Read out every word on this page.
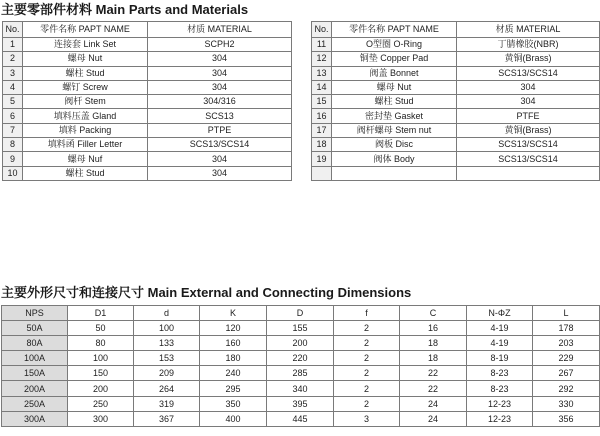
主要零部件材料 Main Parts and Materials
No.	零件名称 PAPT NAME	材质 MATERIAL
1	连接套 Link Set	SCPH2
2	螺母 Nut	304
3	螺柱 Stud	304
4	螺钉 Screw	304
5	阀杆 Stem	304/316
6	填料压盖 Gland	SCS13
7	填料 Packing	PTPE
8	填料函 Filler Letter	SCS13/SCS14
9	螺母 Nuf	304
10	螺柱 Stud	304
No.	零件名称 PAPT NAME	材质 MATERIAL
11	O型圈 O-Ring	丁腈橡胶(NBR)
12	铜垫 Copper Pad	黄铜(Brass)
13	阀盖 Bonnet	SCS13/SCS14
14	螺母 Nut	304
15	螺柱 Stud	304
16	密封垫 Gasket	PTFE
17	阀杆螺母 Stem nut	黄铜(Brass)
18	阀板 Disc	SCS13/SCS14
19	阀体 Body	SCS13/SCS14

主要外形尺寸和连接尺寸 Main External and Connecting Dimensions
NPS	D1	d	K	D	f	C	N-ΦZ	L
50A	50	100	120	155	2	16	4-19	178
80A	80	133	160	200	2	18	4-19	203
100A	100	153	180	220	2	18	8-19	229
150A	150	209	240	285	2	22	8-23	267
200A	200	264	295	340	2	22	8-23	292
250A	250	319	350	395	2	24	12-23	330
300A	300	367	400	445	3	24	12-23	356
